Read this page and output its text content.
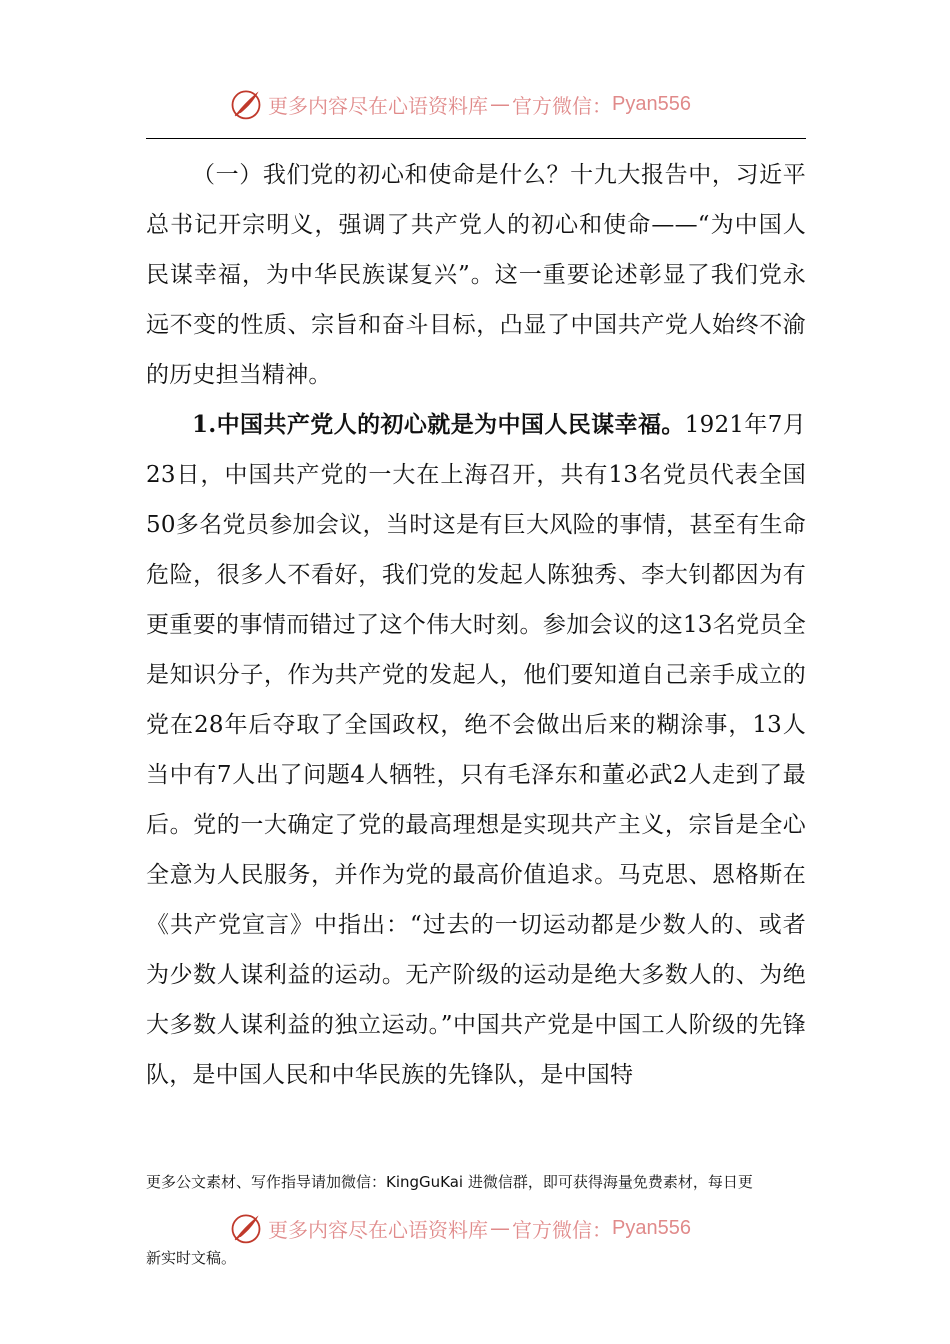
更多内容尽在心语资料库 — 官方微信： Pyan556

（一）我们党的初心和使命是什么？十九大报告中，习近平总书记开宗明义，强调了共产党人的初心和使命——“为中国人民谋幸福，为中华民族谋复兴”。这一重要论述彰显了我们党永远不变的性质、宗旨和奋斗目标，凸显了中国共产党人始终不渝的历史担当精神。

1.中国共产党人的初心就是为中国人民谋幸福。1921年7月23日，中国共产党的一大在上海召开，共有13名党员代表全国50多名党员参加会议，当时这是有巨大风险的事情，甚至有生命危险，很多人不看好，我们党的发起人陈独秀、李大钊都因为有更重要的事情而错过了这个伟大时刻。参加会议的这13名党员全是知识分子，作为共产党的发起人，他们要知道自己亲手成立的党在28年后夺取了全国政权，绝不会做出后来的糊涂事，13人当中有7人出了问题4人牺牲，只有毛泽东和董必武2人走到了最后。党的一大确定了党的最高理想是实现共产主义，宗旨是全心全意为人民服务，并作为党的最高价值追求。马克思、恩格斯在《共产党宣言》中指出：“过去的一切运动都是少数人的、或者为少数人谋利益的运动。无产阶级的运动是绝大多数人的、为绝大多数人谋利益的独立运动。”中国共产党是中国工人阶级的先锋队，是中国人民和中华民族的先锋队，是中国特

更多公文素材、写作指导请加微信：KingGuKai 进微信群，即可获得海量免费素材，每日更
更多内容尽在心语资料库 — 官方微信： Pyan556
新实时文稿。
